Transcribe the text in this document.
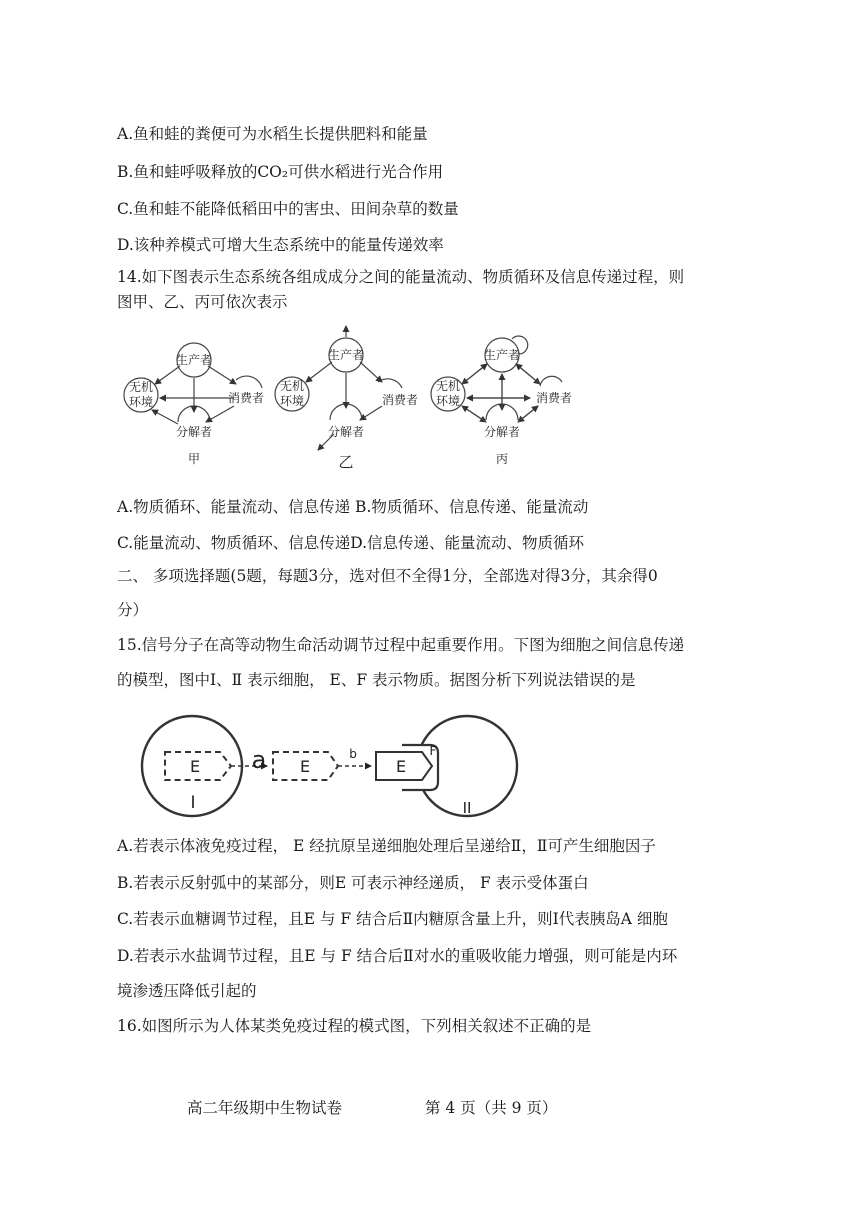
A.鱼和蛙的粪便可为水稻生长提供肥料和能量
B.鱼和蛙呼吸释放的CO₂可供水稻进行光合作用
C.鱼和蛙不能降低稻田中的害虫、田间杂草的数量
D.该种养模式可增大生态系统中的能量传递效率
14.如下图表示生态系统各组成成分之间的能量流动、物质循环及信息传递过程，则
图甲、乙、丙可依次表示
生产者
无机
环境	消费者
分解者
甲
生产者
无机
环境	消费者
分解者
乙
生产者
无机
环境	消费者
分解者
丙
A.物质循环、能量流动、信息传递 B.物质循环、信息传递、能量流动
C.能量流动、物质循环、信息传递D.信息传递、能量流动、物质循环
二、 多项选择题(5题，每题3分，选对但不全得1分，全部选对得3分，其余得0
分）
15.信号分子在高等动物生命活动调节过程中起重要作用。下图为细胞之间信息传递
的模型，图中Ⅰ、Ⅱ 表示细胞， E、F 表示物质。据图分析下列说法错误的是
E a E
b
E
F
I	II
A.若表示体液免疫过程， E 经抗原呈递细胞处理后呈递给Ⅱ，Ⅱ可产生细胞因子
B.若表示反射弧中的某部分，则E 可表示神经递质， F 表示受体蛋白
C.若表示血糖调节过程，且E 与 F 结合后Ⅱ内糖原含量上升，则Ⅰ代表胰岛A 细胞
D.若表示水盐调节过程，且E 与 F 结合后Ⅱ对水的重吸收能力增强，则可能是内环
境渗透压降低引起的
16.如图所示为人体某类免疫过程的模式图，下列相关叙述不正确的是
高二年级期中生物试卷	第 4 页（共 9 页）
